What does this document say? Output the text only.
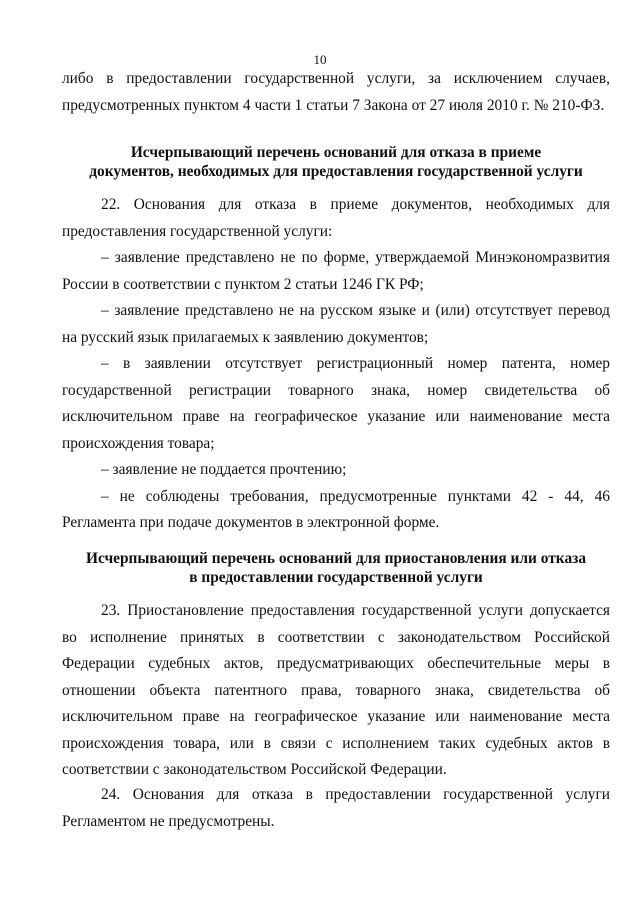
10

либо в предоставлении государственной услуги, за исключением случаев,

предусмотренных пунктом 4 части 1 статьи 7 Закона от 27 июля 2010 г. № 210-ФЗ.

Исчерпывающий перечень оснований для отказа в приеме

документов, необходимых для предоставления государственной услуги

22. Основания для отказа в приеме документов, необходимых для предоставления государственной услуги:

– заявление представлено не по форме, утверждаемой Минэкономразвития России в соответствии с пунктом 2 статьи 1246 ГК РФ;

– заявление представлено не на русском языке и (или) отсутствует перевод на русский язык прилагаемых к заявлению документов;

– в заявлении отсутствует регистрационный номер патента, номер государственной регистрации товарного знака, номер свидетельства об исключительном праве на географическое указание или наименование места происхождения товара;

– заявление не поддается прочтению;

– не соблюдены требования, предусмотренные пунктами 42 - 44, 46 Регламента при подаче документов в электронной форме.

Исчерпывающий перечень оснований для приостановления или отказа

в предоставлении государственной услуги

23. Приостановление предоставления государственной услуги допускается во исполнение принятых в соответствии с законодательством Российской Федерации судебных актов, предусматривающих обеспечительные меры в отношении объекта патентного права, товарного знака, свидетельства об исключительном праве на географическое указание или наименование места происхождения товара, или в связи с исполнением таких судебных актов в соответствии с законодательством Российской Федерации.

24. Основания для отказа в предоставлении государственной услуги Регламентом не предусмотрены.
